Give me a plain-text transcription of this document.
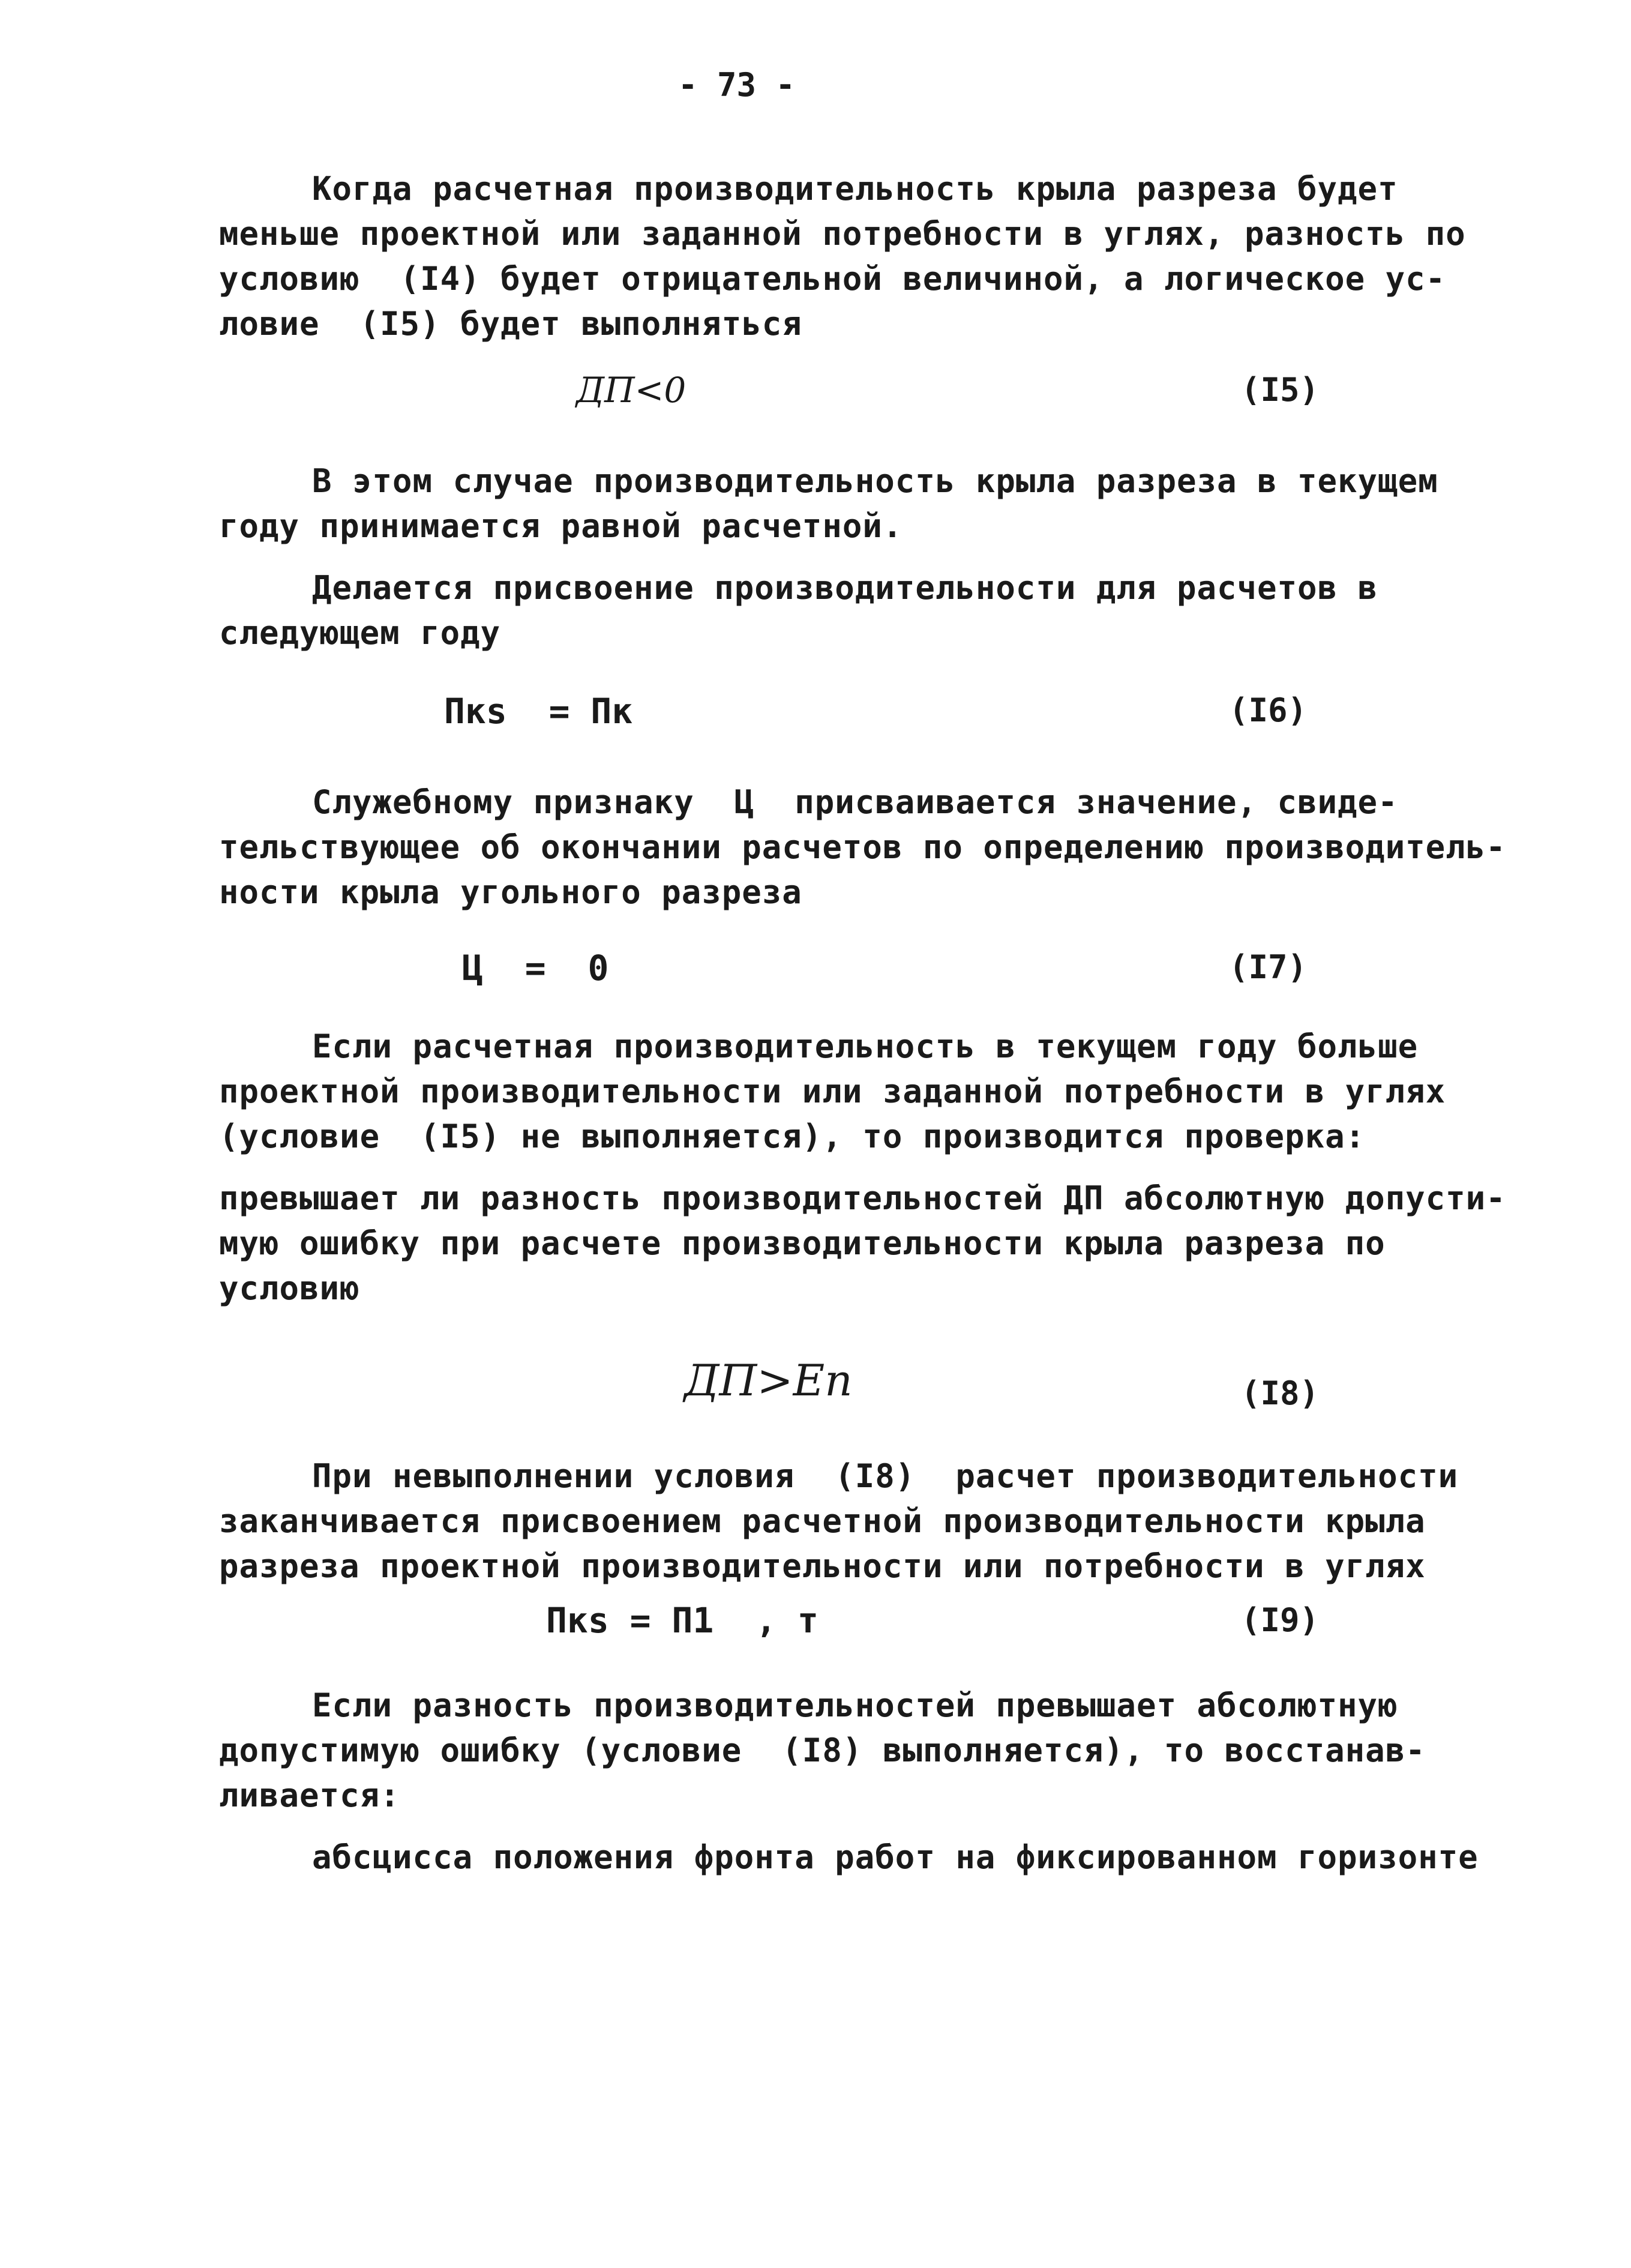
- 73 -
Когда расчетная производительность крыла разреза будет
меньше проектной или заданной потребности в углях, разность по
условию  (I4) будет отрицательной величиной, а логическое ус-
ловие  (I5) будет выполняться
ДП<0	(I5)
В этом случае производительность крыла разреза в текущем
году принимается равной расчетной.
Делается присвоение производительности для расчетов в
следующем году
Пкs  = Пк	(I6)
Служебному признаку  Ц  присваивается значение, свиде-
тельствующее об окончании расчетов по определению производитель-
ности крыла угольного разреза
Ц  =  0	(I7)
Если расчетная производительность в текущем году больше
проектной производительности или заданной потребности в углях
(условие  (I5) не выполняется), то производится проверка:
превышает ли разность производительностей ДП абсолютную допусти-
мую ошибку при расчете производительности крыла разреза по
условию
ДП>Εп	(I8)
При невыполнении условия  (I8)  расчет производительности
заканчивается присвоением расчетной производительности крыла
разреза проектной производительности или потребности в углях
Пкs = П1  , т	(I9)
Если разность производительностей превышает абсолютную
допустимую ошибку (условие  (I8) выполняется), то восстанав-
ливается:
абсцисса положения фронта работ на фиксированном горизонте
